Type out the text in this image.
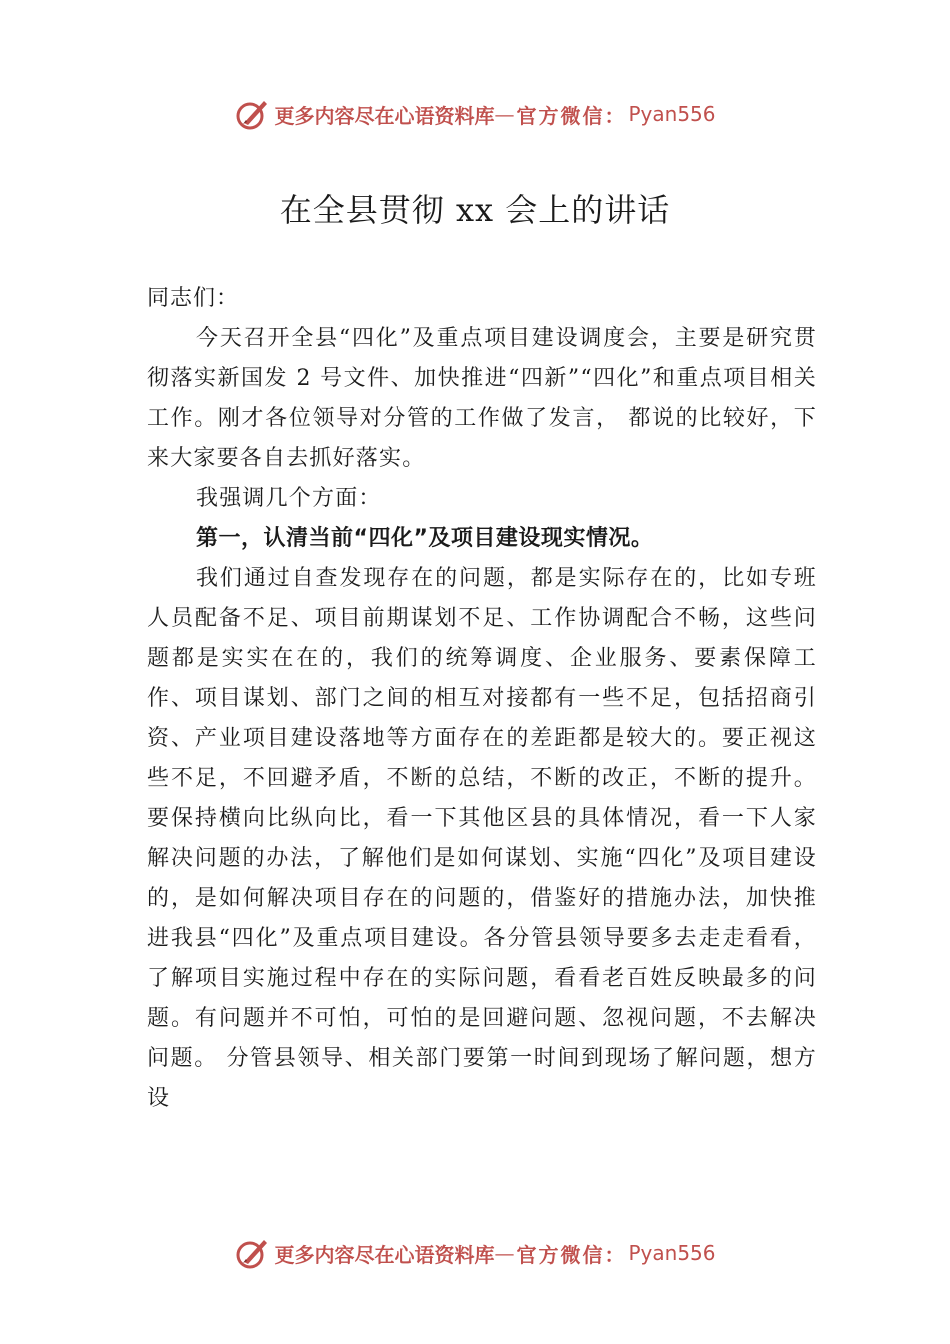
更多内容尽在心语资料库 — 官方微信： Pyan556
在全县贯彻 xx 会上的讲话

同志们：

今天召开全县“四化”及重点项目建设调度会，主要是研究贯彻落实新国发 2 号文件、加快推进“四新”“四化”和重点项目相关工作。刚才各位领导对分管的工作做了发言， 都说的比较好，下来大家要各自去抓好落实。

我强调几个方面：

第一，认清当前“四化”及项目建设现实情况。

我们通过自查发现存在的问题，都是实际存在的，比如专班人员配备不足、项目前期谋划不足、工作协调配合不畅，这些问题都是实实在在的，我们的统筹调度、企业服务、要素保障工作、项目谋划、部门之间的相互对接都有一些不足，包括招商引资、产业项目建设落地等方面存在的差距都是较大的。要正视这些不足，不回避矛盾，不断的总结，不断的改正，不断的提升。要保持横向比纵向比，看一下其他区县的具体情况，看一下人家解决问题的办法，了解他们是如何谋划、实施“四化”及项目建设的，是如何解决项目存在的问题的，借鉴好的措施办法，加快推进我县“四化”及重点项目建设。各分管县领导要多去走走看看，了解项目实施过程中存在的实际问题，看看老百姓反映最多的问题。有问题并不可怕，可怕的是回避问题、忽视问题，不去解决问题。 分管县领导、相关部门要第一时间到现场了解问题，想方设

更多内容尽在心语资料库 — 官方微信： Pyan556
